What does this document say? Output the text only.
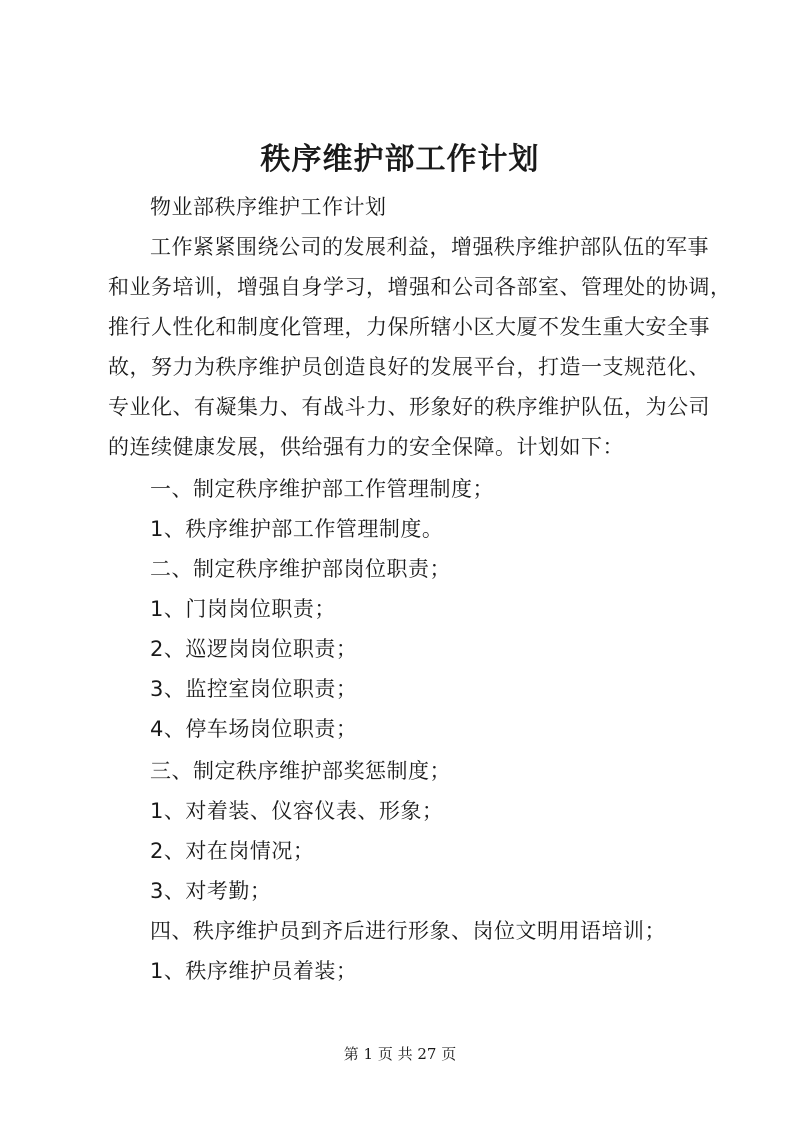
秩序维护部工作计划
物业部秩序维护工作计划
工作紧紧围绕公司的发展利益，增强秩序维护部队伍的军事
和业务培训，增强自身学习，增强和公司各部室、管理处的协调，
推行人性化和制度化管理，力保所辖小区大厦不发生重大安全事
故，努力为秩序维护员创造良好的发展平台，打造一支规范化、
专业化、有凝集力、有战斗力、形象好的秩序维护队伍，为公司
的连续健康发展，供给强有力的安全保障。计划如下：
一、制定秩序维护部工作管理制度；
1、秩序维护部工作管理制度。
二、制定秩序维护部岗位职责；
1、门岗岗位职责；
2、巡逻岗岗位职责；
3、监控室岗位职责；
4、停车场岗位职责；
三、制定秩序维护部奖惩制度；
1、对着装、仪容仪表、形象；
2、对在岗情况；
3、对考勤；
四、秩序维护员到齐后进行形象、岗位文明用语培训；
1、秩序维护员着装；
第 1 页 共 27 页
